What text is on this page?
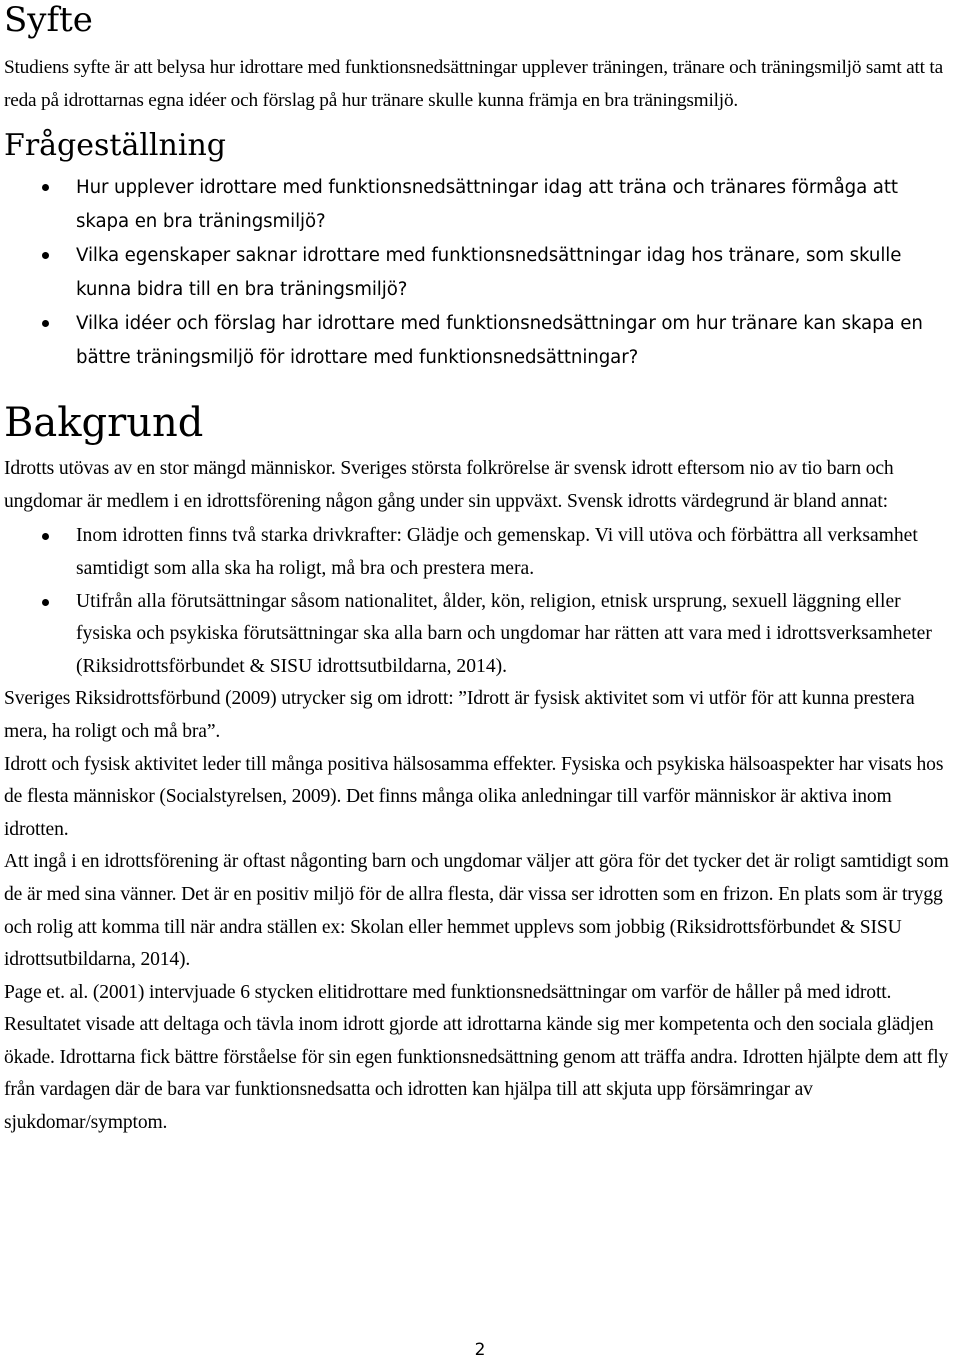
Syfte

Studiens syfte är att belysa hur idrottare med funktionsnedsättningar upplever träningen, tränare och träningsmiljö samt att ta reda på idrottarnas egna idéer och förslag på hur tränare skulle kunna främja en bra träningsmiljö.

Frågeställning
Hur upplever idrottare med funktionsnedsättningar idag att träna och tränares förmåga att skapa en bra träningsmiljö?
Vilka egenskaper saknar idrottare med funktionsnedsättningar idag hos tränare, som skulle kunna bidra till en bra träningsmiljö?
Vilka idéer och förslag har idrottare med funktionsnedsättningar om hur tränare kan skapa en bättre träningsmiljö för idrottare med funktionsnedsättningar?
Bakgrund

Idrotts utövas av en stor mängd människor. Sveriges största folkrörelse är svensk idrott eftersom nio av tio barn och ungdomar är medlem i en idrottsförening någon gång under sin uppväxt. Svensk idrotts värdegrund är bland annat:

Inom idrotten finns två starka drivkrafter: Glädje och gemenskap. Vi vill utöva och förbättra all verksamhet samtidigt som alla ska ha roligt, må bra och prestera mera.
Utifrån alla förutsättningar såsom nationalitet, ålder, kön, religion, etnisk ursprung, sexuell läggning eller fysiska och psykiska förutsättningar ska alla barn och ungdomar har rätten att vara med i idrottsverksamheter (Riksidrottsförbundet & SISU idrottsutbildarna, 2014).

Sveriges Riksidrottsförbund (2009) utrycker sig om idrott: ”Idrott är fysisk aktivitet som vi utför för att kunna prestera mera, ha roligt och må bra”.

Idrott och fysisk aktivitet leder till många positiva hälsosamma effekter. Fysiska och psykiska hälsoaspekter har visats hos de flesta människor (Socialstyrelsen, 2009). Det finns många olika anledningar till varför människor är aktiva inom idrotten.

Att ingå i en idrottsförening är oftast någonting barn och ungdomar väljer att göra för det tycker det är roligt samtidigt som de är med sina vänner. Det är en positiv miljö för de allra flesta, där vissa ser idrotten som en frizon. En plats som är trygg och rolig att komma till när andra ställen ex: Skolan eller hemmet upplevs som jobbig (Riksidrottsförbundet & SISU idrottsutbildarna, 2014).

Page et. al. (2001) intervjuade 6 stycken elitidrottare med funktionsnedsättningar om varför de håller på med idrott. Resultatet visade att deltaga och tävla inom idrott gjorde att idrottarna kände sig mer kompetenta och den sociala glädjen ökade. Idrottarna fick bättre förståelse för sin egen funktionsnedsättning genom att träffa andra. Idrotten hjälpte dem att fly från vardagen där de bara var funktionsnedsatta och idrotten kan hjälpa till att skjuta upp försämringar av sjukdomar/symptom.

2
